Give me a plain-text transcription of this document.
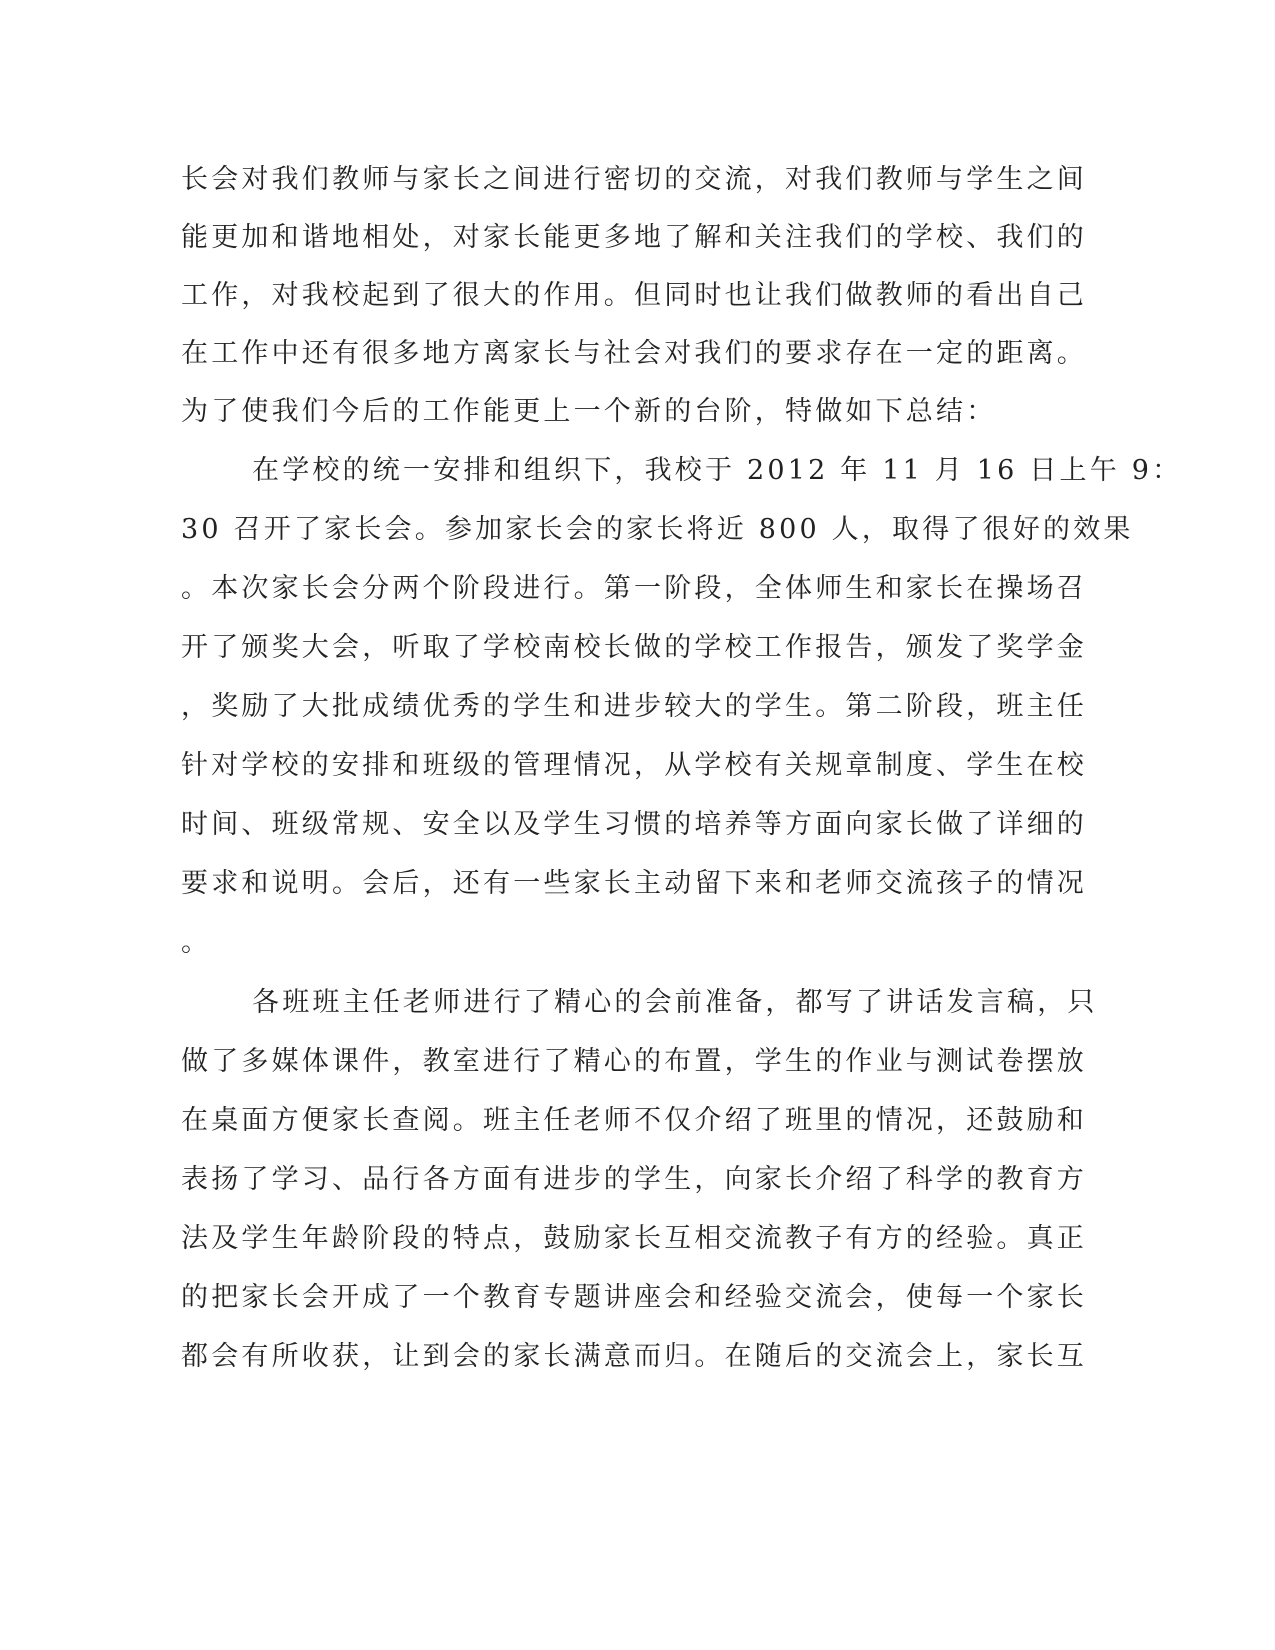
长会对我们教师与家长之间进行密切的交流，对我们教师与学生之间
能更加和谐地相处，对家长能更多地了解和关注我们的学校、我们的
工作，对我校起到了很大的作用。但同时也让我们做教师的看出自己
在工作中还有很多地方离家长与社会对我们的要求存在一定的距离。
为了使我们今后的工作能更上一个新的台阶，特做如下总结：
在学校的统一安排和组织下，我校于 2012 年 11 月 16 日上午 9：
30 召开了家长会。参加家长会的家长将近 800 人，取得了很好的效果
。本次家长会分两个阶段进行。第一阶段，全体师生和家长在操场召
开了颁奖大会，听取了学校南校长做的学校工作报告，颁发了奖学金
，奖励了大批成绩优秀的学生和进步较大的学生。第二阶段，班主任
针对学校的安排和班级的管理情况，从学校有关规章制度、学生在校
时间、班级常规、安全以及学生习惯的培养等方面向家长做了详细的
要求和说明。会后，还有一些家长主动留下来和老师交流孩子的情况
。
各班班主任老师进行了精心的会前准备，都写了讲话发言稿，只
做了多媒体课件，教室进行了精心的布置，学生的作业与测试卷摆放
在桌面方便家长查阅。班主任老师不仅介绍了班里的情况，还鼓励和
表扬了学习、品行各方面有进步的学生，向家长介绍了科学的教育方
法及学生年龄阶段的特点，鼓励家长互相交流教子有方的经验。真正
的把家长会开成了一个教育专题讲座会和经验交流会，使每一个家长
都会有所收获，让到会的家长满意而归。在随后的交流会上，家长互
